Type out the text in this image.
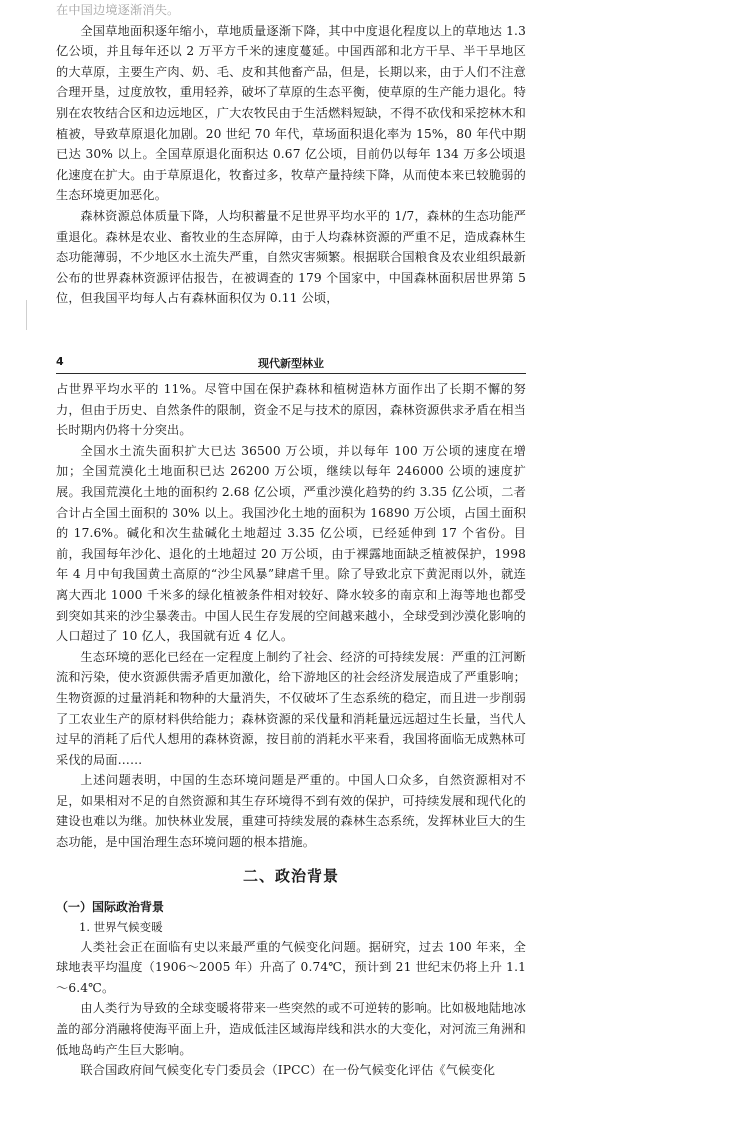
在中国边境逐渐消失。

全国草地面积逐年缩小，草地质量逐渐下降，其中中度退化程度以上的草地达 1.3 亿公顷，并且每年还以 2 万平方千米的速度蔓延。中国西部和北方干旱、半干旱地区的大草原，主要生产肉、奶、毛、皮和其他畜产品，但是，长期以来，由于人们不注意合理开垦，过度放牧，重用轻养，破坏了草原的生态平衡，使草原的生产能力退化。特别在农牧结合区和边远地区，广大农牧民由于生活燃料短缺，不得不砍伐和采挖林木和植被，导致草原退化加剧。20 世纪 70 年代，草场面积退化率为 15%，80 年代中期已达 30% 以上。全国草原退化面积达 0.67 亿公顷，目前仍以每年 134 万多公顷退化速度在扩大。由于草原退化，牧畜过多，牧草产量持续下降，从而使本来已较脆弱的生态环境更加恶化。

森林资源总体质量下降，人均积蓄量不足世界平均水平的 1/7，森林的生态功能严重退化。森林是农业、畜牧业的生态屏障，由于人均森林资源的严重不足，造成森林生态功能薄弱，不少地区水土流失严重，自然灾害频繁。根据联合国粮食及农业组织最新公布的世界森林资源评估报告，在被调查的 179 个国家中，中国森林面积居世界第 5 位，但我国平均每人占有森林面积仅为 0.11 公顷，

4	现代新型林业

占世界平均水平的 11%。尽管中国在保护森林和植树造林方面作出了长期不懈的努力，但由于历史、自然条件的限制，资金不足与技术的原因，森林资源供求矛盾在相当长时期内仍将十分突出。

全国水土流失面积扩大已达 36500 万公顷，并以每年 100 万公顷的速度在增加；全国荒漠化土地面积已达 26200 万公顷，继续以每年 246000 公顷的速度扩展。我国荒漠化土地的面积约 2.68 亿公顷，严重沙漠化趋势的约 3.35 亿公顷，二者合计占全国土面积的 30% 以上。我国沙化土地的面积为 16890 万公顷，占国土面积的 17.6%。碱化和次生盐碱化土地超过 3.35 亿公顷，已经延伸到 17 个省份。目前，我国每年沙化、退化的土地超过 20 万公顷，由于裸露地面缺乏植被保护，1998 年 4 月中旬我国黄土高原的“沙尘风暴”肆虐千里。除了导致北京下黄泥雨以外，就连离大西北 1000 千米多的绿化植被条件相对较好、降水较多的南京和上海等地也都受到突如其来的沙尘暴袭击。中国人民生存发展的空间越来越小，全球受到沙漠化影响的人口超过了 10 亿人，我国就有近 4 亿人。

生态环境的恶化已经在一定程度上制约了社会、经济的可持续发展：严重的江河断流和污染，使水资源供需矛盾更加激化，给下游地区的社会经济发展造成了严重影响；生物资源的过量消耗和物种的大量消失，不仅破坏了生态系统的稳定，而且进一步削弱了工农业生产的原材料供给能力；森林资源的采伐量和消耗量远远超过生长量，当代人过早的消耗了后代人想用的森林资源，按目前的消耗水平来看，我国将面临无成熟林可采伐的局面……

上述问题表明，中国的生态环境问题是严重的。中国人口众多，自然资源相对不足，如果相对不足的自然资源和其生存环境得不到有效的保护，可持续发展和现代化的建设也难以为继。加快林业发展，重建可持续发展的森林生态系统，发挥林业巨大的生态功能，是中国治理生态环境问题的根本措施。

二、政治背景
（一）国际政治背景
1. 世界气候变暖

人类社会正在面临有史以来最严重的气候变化问题。据研究，过去 100 年来，全球地表平均温度（1906～2005 年）升高了 0.74℃，预计到 21 世纪末仍将上升 1.1～6.4℃。

由人类行为导致的全球变暖将带来一些突然的或不可逆转的影响。比如极地陆地冰盖的部分消融将使海平面上升，造成低洼区域海岸线和洪水的大变化，对河流三角洲和低地岛屿产生巨大影响。

联合国政府间气候变化专门委员会（IPCC）在一份气候变化评估《气候变化
